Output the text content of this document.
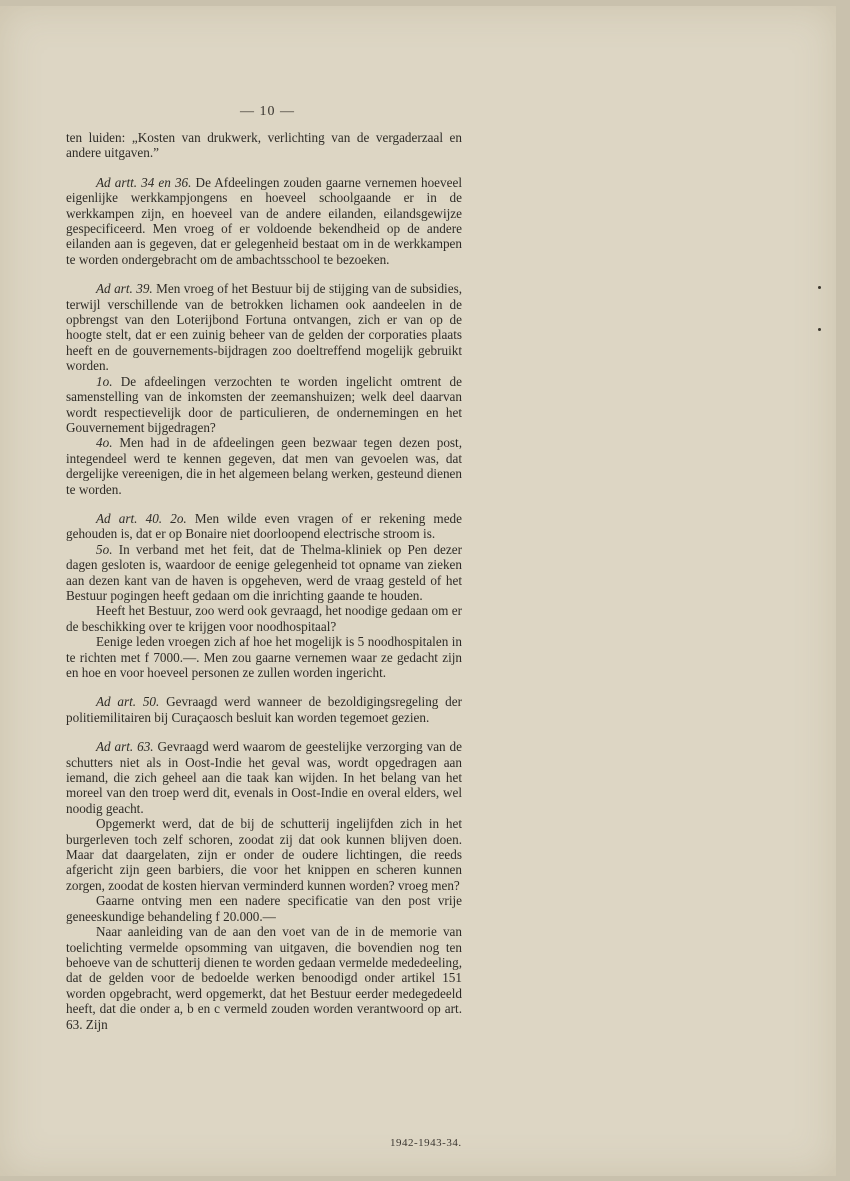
— 10 —

ten luiden: „Kosten van drukwerk, verlichting van de vergaderzaal en andere uitgaven.”

Ad artt. 34 en 36. De Afdeelingen zouden gaarne vernemen hoeveel eigenlijke werkkampjongens en hoeveel schoolgaande er in de werkkampen zijn, en hoeveel van de andere eilanden, eilandsgewijze gespecificeerd. Men vroeg of er voldoende bekendheid op de andere eilanden aan is gegeven, dat er gelegenheid bestaat om in de werkkampen te worden ondergebracht om de ambachtsschool te bezoeken.

Ad art. 39. Men vroeg of het Bestuur bij de stijging van de subsidies, terwijl verschillende van de betrokken lichamen ook aandeelen in de opbrengst van den Loterijbond Fortuna ontvangen, zich er van op de hoogte stelt, dat er een zuinig beheer van de gelden der corporaties plaats heeft en de gouvernements-bijdragen zoo doeltreffend mogelijk gebruikt worden.

1o. De afdeelingen verzochten te worden ingelicht omtrent de samenstelling van de inkomsten der zeemanshuizen; welk deel daarvan wordt respectievelijk door de particulieren, de ondernemingen en het Gouvernement bijgedragen?

4o. Men had in de afdeelingen geen bezwaar tegen dezen post, integendeel werd te kennen gegeven, dat men van gevoelen was, dat dergelijke vereenigen, die in het algemeen belang werken, gesteund dienen te worden.

Ad art. 40. 2o. Men wilde even vragen of er rekening mede gehouden is, dat er op Bonaire niet doorloopend electrische stroom is.

5o. In verband met het feit, dat de Thelma-kliniek op Pen dezer dagen gesloten is, waardoor de eenige gelegenheid tot opname van zieken aan dezen kant van de haven is opgeheven, werd de vraag gesteld of het Bestuur pogingen heeft gedaan om die inrichting gaande te houden.

Heeft het Bestuur, zoo werd ook gevraagd, het noodige gedaan om er de beschikking over te krijgen voor noodhospitaal?

Eenige leden vroegen zich af hoe het mogelijk is 5 noodhospitalen in te richten met f 7000.—. Men zou gaarne vernemen waar ze gedacht zijn en hoe en voor hoeveel personen ze zullen worden ingericht.

Ad art. 50. Gevraagd werd wanneer de bezoldigingsregeling der politiemilitairen bij Curaçaosch besluit kan worden tegemoet gezien.

Ad art. 63. Gevraagd werd waarom de geestelijke verzorging van de schutters niet als in Oost-Indie het geval was, wordt opgedragen aan iemand, die zich geheel aan die taak kan wijden. In het belang van het moreel van den troep werd dit, evenals in Oost-Indie en overal elders, wel noodig geacht.

Opgemerkt werd, dat de bij de schutterij ingelijfden zich in het burgerleven toch zelf schoren, zoodat zij dat ook kunnen blijven doen. Maar dat daargelaten, zijn er onder de oudere lichtingen, die reeds afgericht zijn geen barbiers, die voor het knippen en scheren kunnen zorgen, zoodat de kosten hiervan verminderd kunnen worden? vroeg men?

Gaarne ontving men een nadere specificatie van den post vrije geneeskundige behandeling f 20.000.—

Naar aanleiding van de aan den voet van de in de memorie van toelichting vermelde opsomming van uitgaven, die bovendien nog ten behoeve van de schutterij dienen te worden gedaan vermelde mededeeling, dat de gelden voor de bedoelde werken benoodigd onder artikel 151 worden opgebracht, werd opgemerkt, dat het Bestuur eerder medegedeeld heeft, dat die onder a, b en c vermeld zouden worden verantwoord op art. 63. Zijn

1942-1943-34.
